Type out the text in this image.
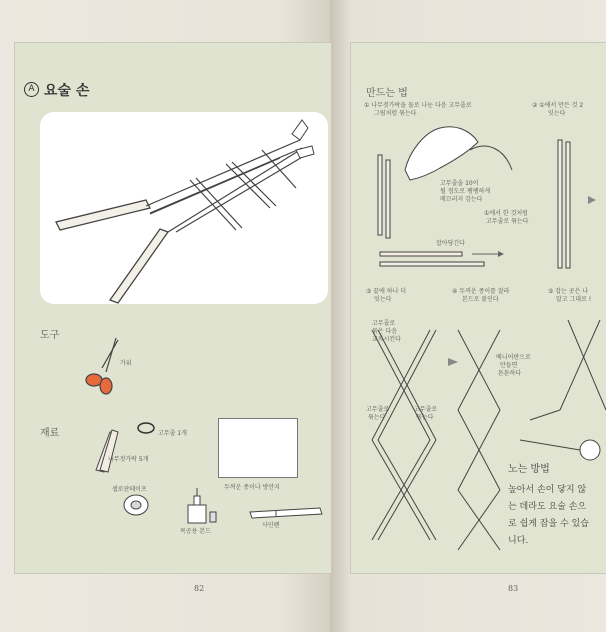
A 요술 손
도구
가위
재료	고무줄 1개
나무젓가락 5개
두꺼운 종이나 방안지
셀로판테이프
목공용 본드
사인펜
82
만드는 법
① 나무젓가락을 둘로 나눈 다음 고무줄로
그림처럼 묶는다
고무줄을 10이
될 정도로 팽팽하게
매끄러지 감는다
①에서 한 것처럼
고무줄로 묶는다
잡아당긴다
② ①에서 만든 것 2
잇는다
③ 끝에 하나 더
잇는다
④ 두꺼운 종이를 잘라
본드로 붙인다
⑤ 잡는 곳은 나
말고 그대로 !
고무줄로
묶은 다음
교차시킨다
고무줄로
묶는다
고무줄로
묶는다
베니어판으로
만들면
튼튼하다
노는 방법
높아서 손이 닿지 않는 데라도 요술 손으로 쉽게 잡을 수 있습니다.
83
